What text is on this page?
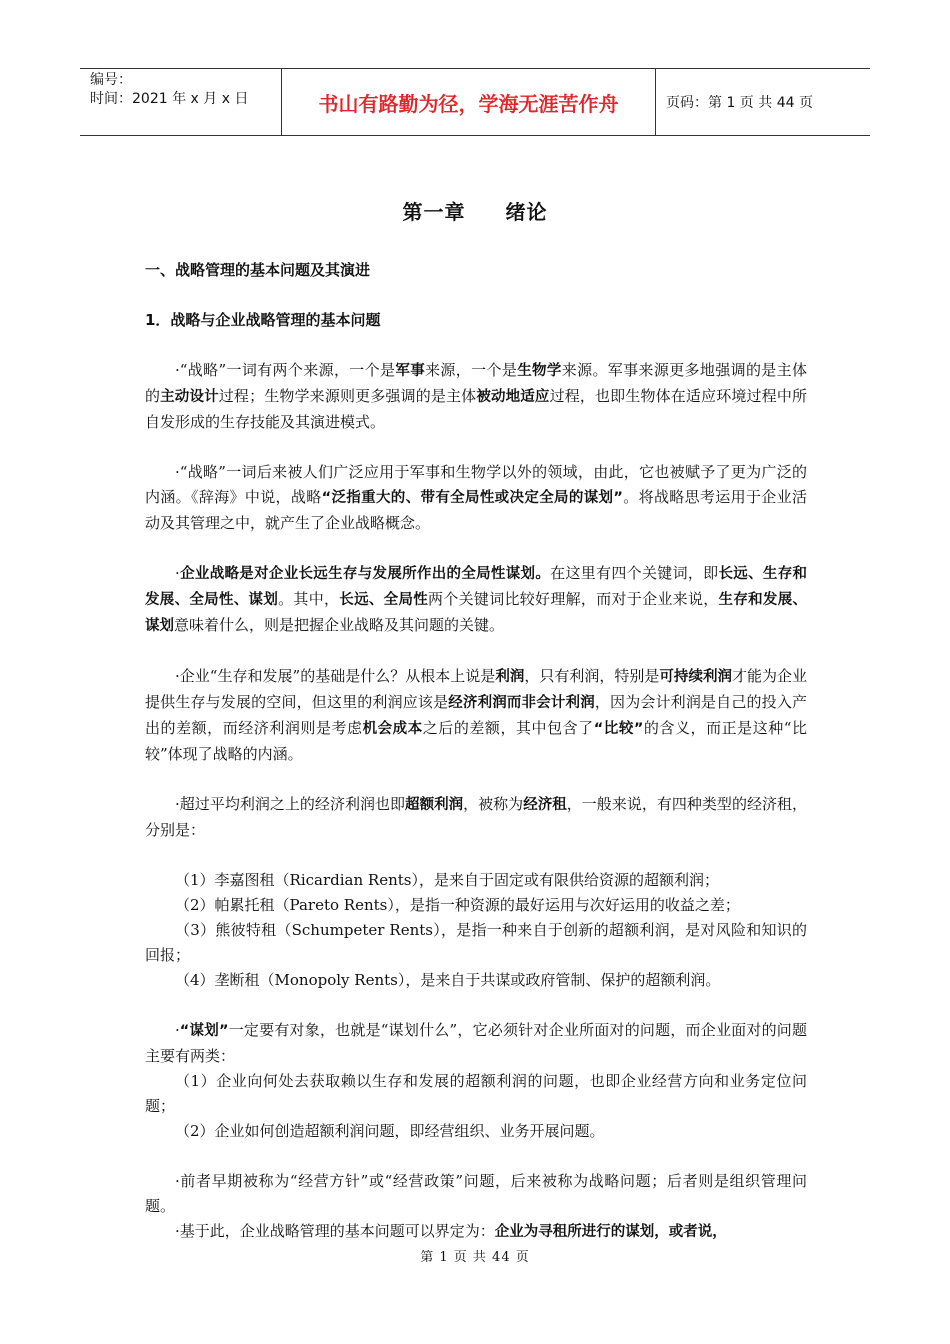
编号：
时间：2021 年 x 月 x 日	书山有路勤为径，学海无涯苦作舟	页码：第 1 页 共 44 页
第一章 绪论

一、战略管理的基本问题及其演进

1．战略与企业战略管理的基本问题

·“战略”一词有两个来源，一个是军事来源，一个是生物学来源。军事来源更多地强调的是主体的主动设计过程；生物学来源则更多强调的是主体被动地适应过程，也即生物体在适应环境过程中所自发形成的生存技能及其演进模式。

·“战略”一词后来被人们广泛应用于军事和生物学以外的领域，由此，它也被赋予了更为广泛的内涵。《辞海》中说，战略“泛指重大的、带有全局性或决定全局的谋划”。将战略思考运用于企业活动及其管理之中，就产生了企业战略概念。

·企业战略是对企业长远生存与发展所作出的全局性谋划。在这里有四个关键词，即长远、生存和发展、全局性、谋划。其中，长远、全局性两个关键词比较好理解，而对于企业来说，生存和发展、谋划意味着什么，则是把握企业战略及其问题的关键。

·企业“生存和发展”的基础是什么？从根本上说是利润，只有利润，特别是可持续利润才能为企业提供生存与发展的空间，但这里的利润应该是经济利润而非会计利润，因为会计利润是自己的投入产出的差额，而经济利润则是考虑机会成本之后的差额，其中包含了“比较”的含义，而正是这种“比较”体现了战略的内涵。

·超过平均利润之上的经济利润也即超额利润，被称为经济租，一般来说，有四种类型的经济租，分别是：

（1）李嘉图租（Ricardian Rents），是来自于固定或有限供给资源的超额利润；

（2）帕累托租（Pareto Rents），是指一种资源的最好运用与次好运用的收益之差；

（3）熊彼特租（Schumpeter Rents），是指一种来自于创新的超额利润，是对风险和知识的回报；

（4）垄断租（Monopoly Rents），是来自于共谋或政府管制、保护的超额利润。

·“谋划”一定要有对象，也就是“谋划什么”，它必须针对企业所面对的问题，而企业面对的问题主要有两类：

（1）企业向何处去获取赖以生存和发展的超额利润的问题，也即企业经营方向和业务定位问题；

（2）企业如何创造超额利润问题，即经营组织、业务开展问题。

·前者早期被称为“经营方针”或“经营政策”问题，后来被称为战略问题；后者则是组织管理问题。

·基于此，企业战略管理的基本问题可以界定为：企业为寻租所进行的谋划，或者说，

第 1 页 共 44 页
